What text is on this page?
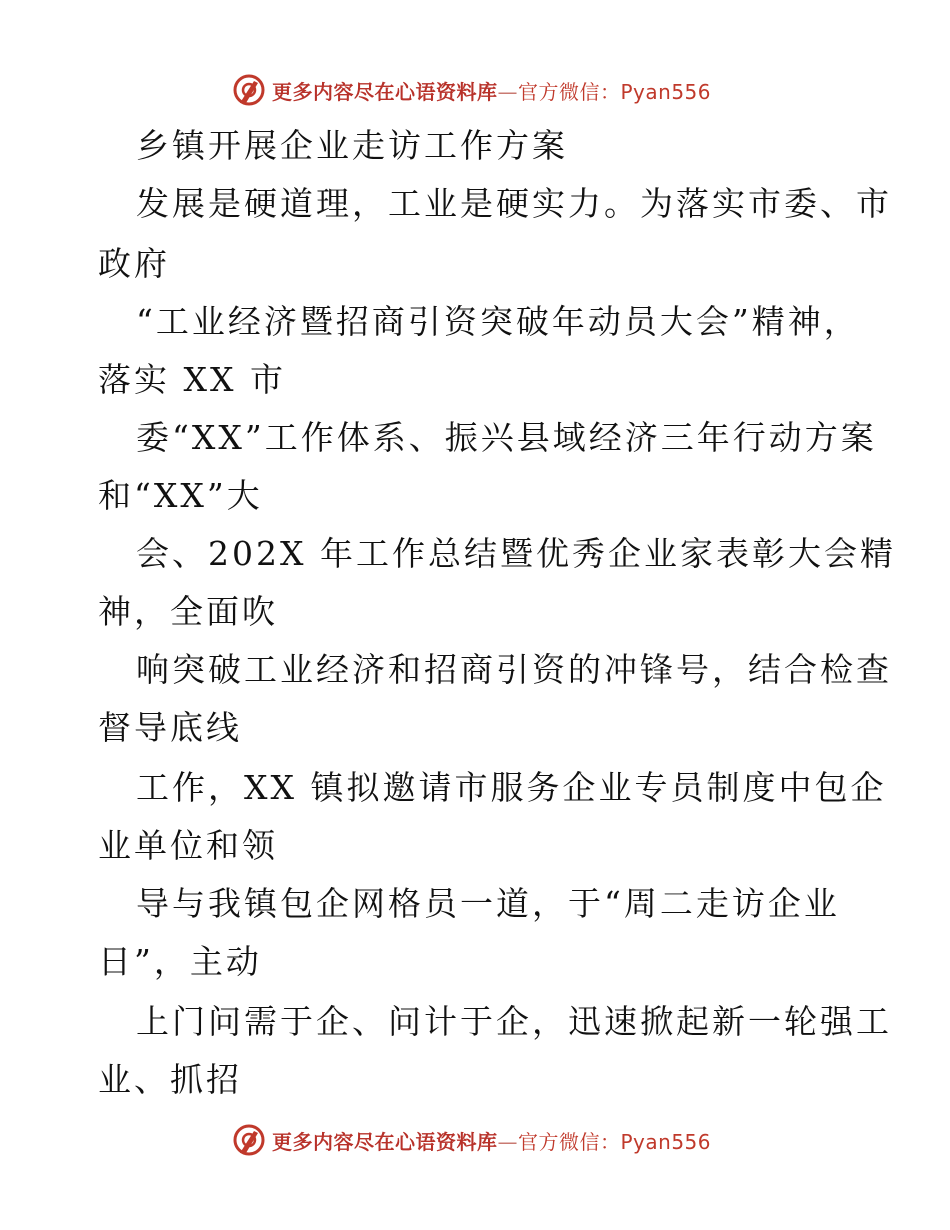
更多内容尽在心语资料库—官方微信：Pyan556
乡镇开展企业走访工作方案
发展是硬道理，工业是硬实力。为落实市委、市
政府
“工业经济暨招商引资突破年动员大会”精神，
落实 XX 市
委“XX”工作体系、振兴县域经济三年行动方案
和“XX”大
会、202X 年工作总结暨优秀企业家表彰大会精
神，全面吹
响突破工业经济和招商引资的冲锋号，结合检查
督导底线
工作，XX 镇拟邀请市服务企业专员制度中包企
业单位和领
导与我镇包企网格员一道，于“周二走访企业
日”，主动
上门问需于企、问计于企，迅速掀起新一轮强工
业、抓招
更多内容尽在心语资料库—官方微信：Pyan556
